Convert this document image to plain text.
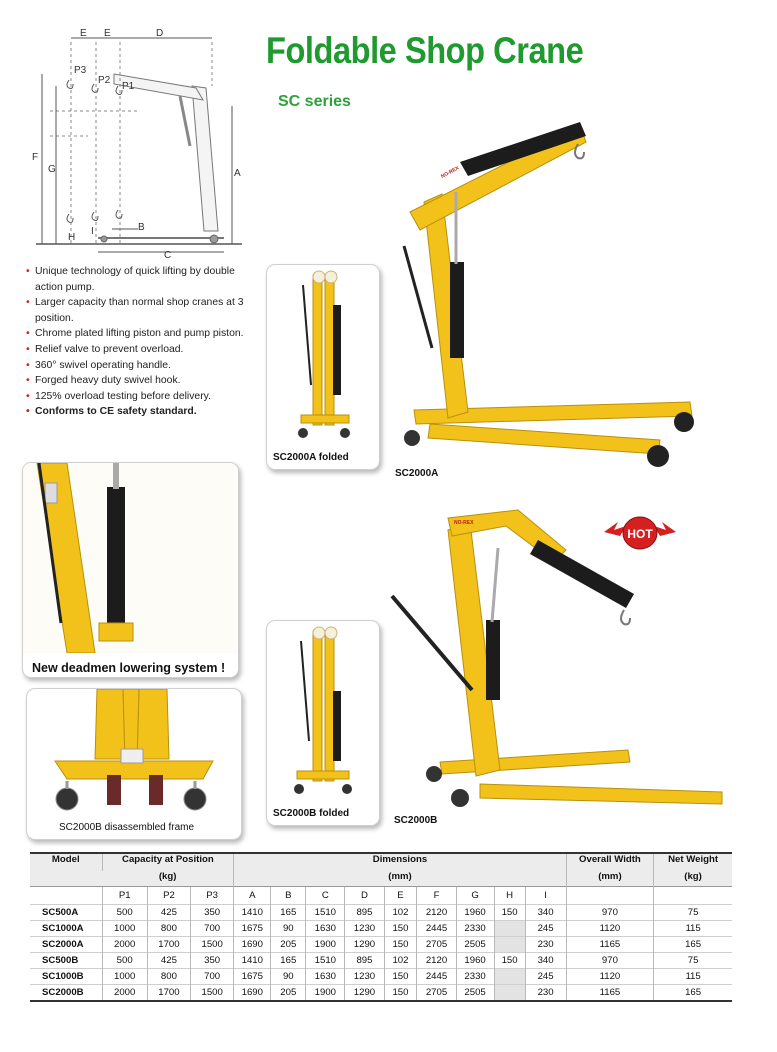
Foldable Shop Crane
SC series
E E	D
P3
P2
P1
F
G	A
H
I	B
C
• Unique technology of quick lifting by double action pump.
• Larger capacity than normal shop cranes at 3 position.
• Chrome plated lifting piston and pump piston.
• Relief valve to prevent overload.
• 360° swivel operating handle.
• Forged heavy duty swivel hook.
• 125% overload testing before delivery.
• Conforms to CE safety standard.
SC2000A folded
NO-REX
SC2000A
New deadmen lowering system !
SC2000B disassembled frame
SC2000B folded
HOT
NO-REX
SC2000B
Model	Capacity at Position			Dimensions									Overall Width	Net Weight
	(kg)			(mm)									(mm)	(kg)
	P1	P2	P3	A	B	C	D	E	F	G	H	I		
SC500A	500	425	350	1410	165	1510	895	102	2120	1960	150	340	970	75
SC1000A	1000	800	700	1675	90	1630	1230	150	2445	2330		245	1120	115
SC2000A	2000	1700	1500	1690	205	1900	1290	150	2705	2505		230	1165	165
SC500B	500	425	350	1410	165	1510	895	102	2120	1960	150	340	970	75
SC1000B	1000	800	700	1675	90	1630	1230	150	2445	2330		245	1120	115
SC2000B	2000	1700	1500	1690	205	1900	1290	150	2705	2505		230	1165	165
